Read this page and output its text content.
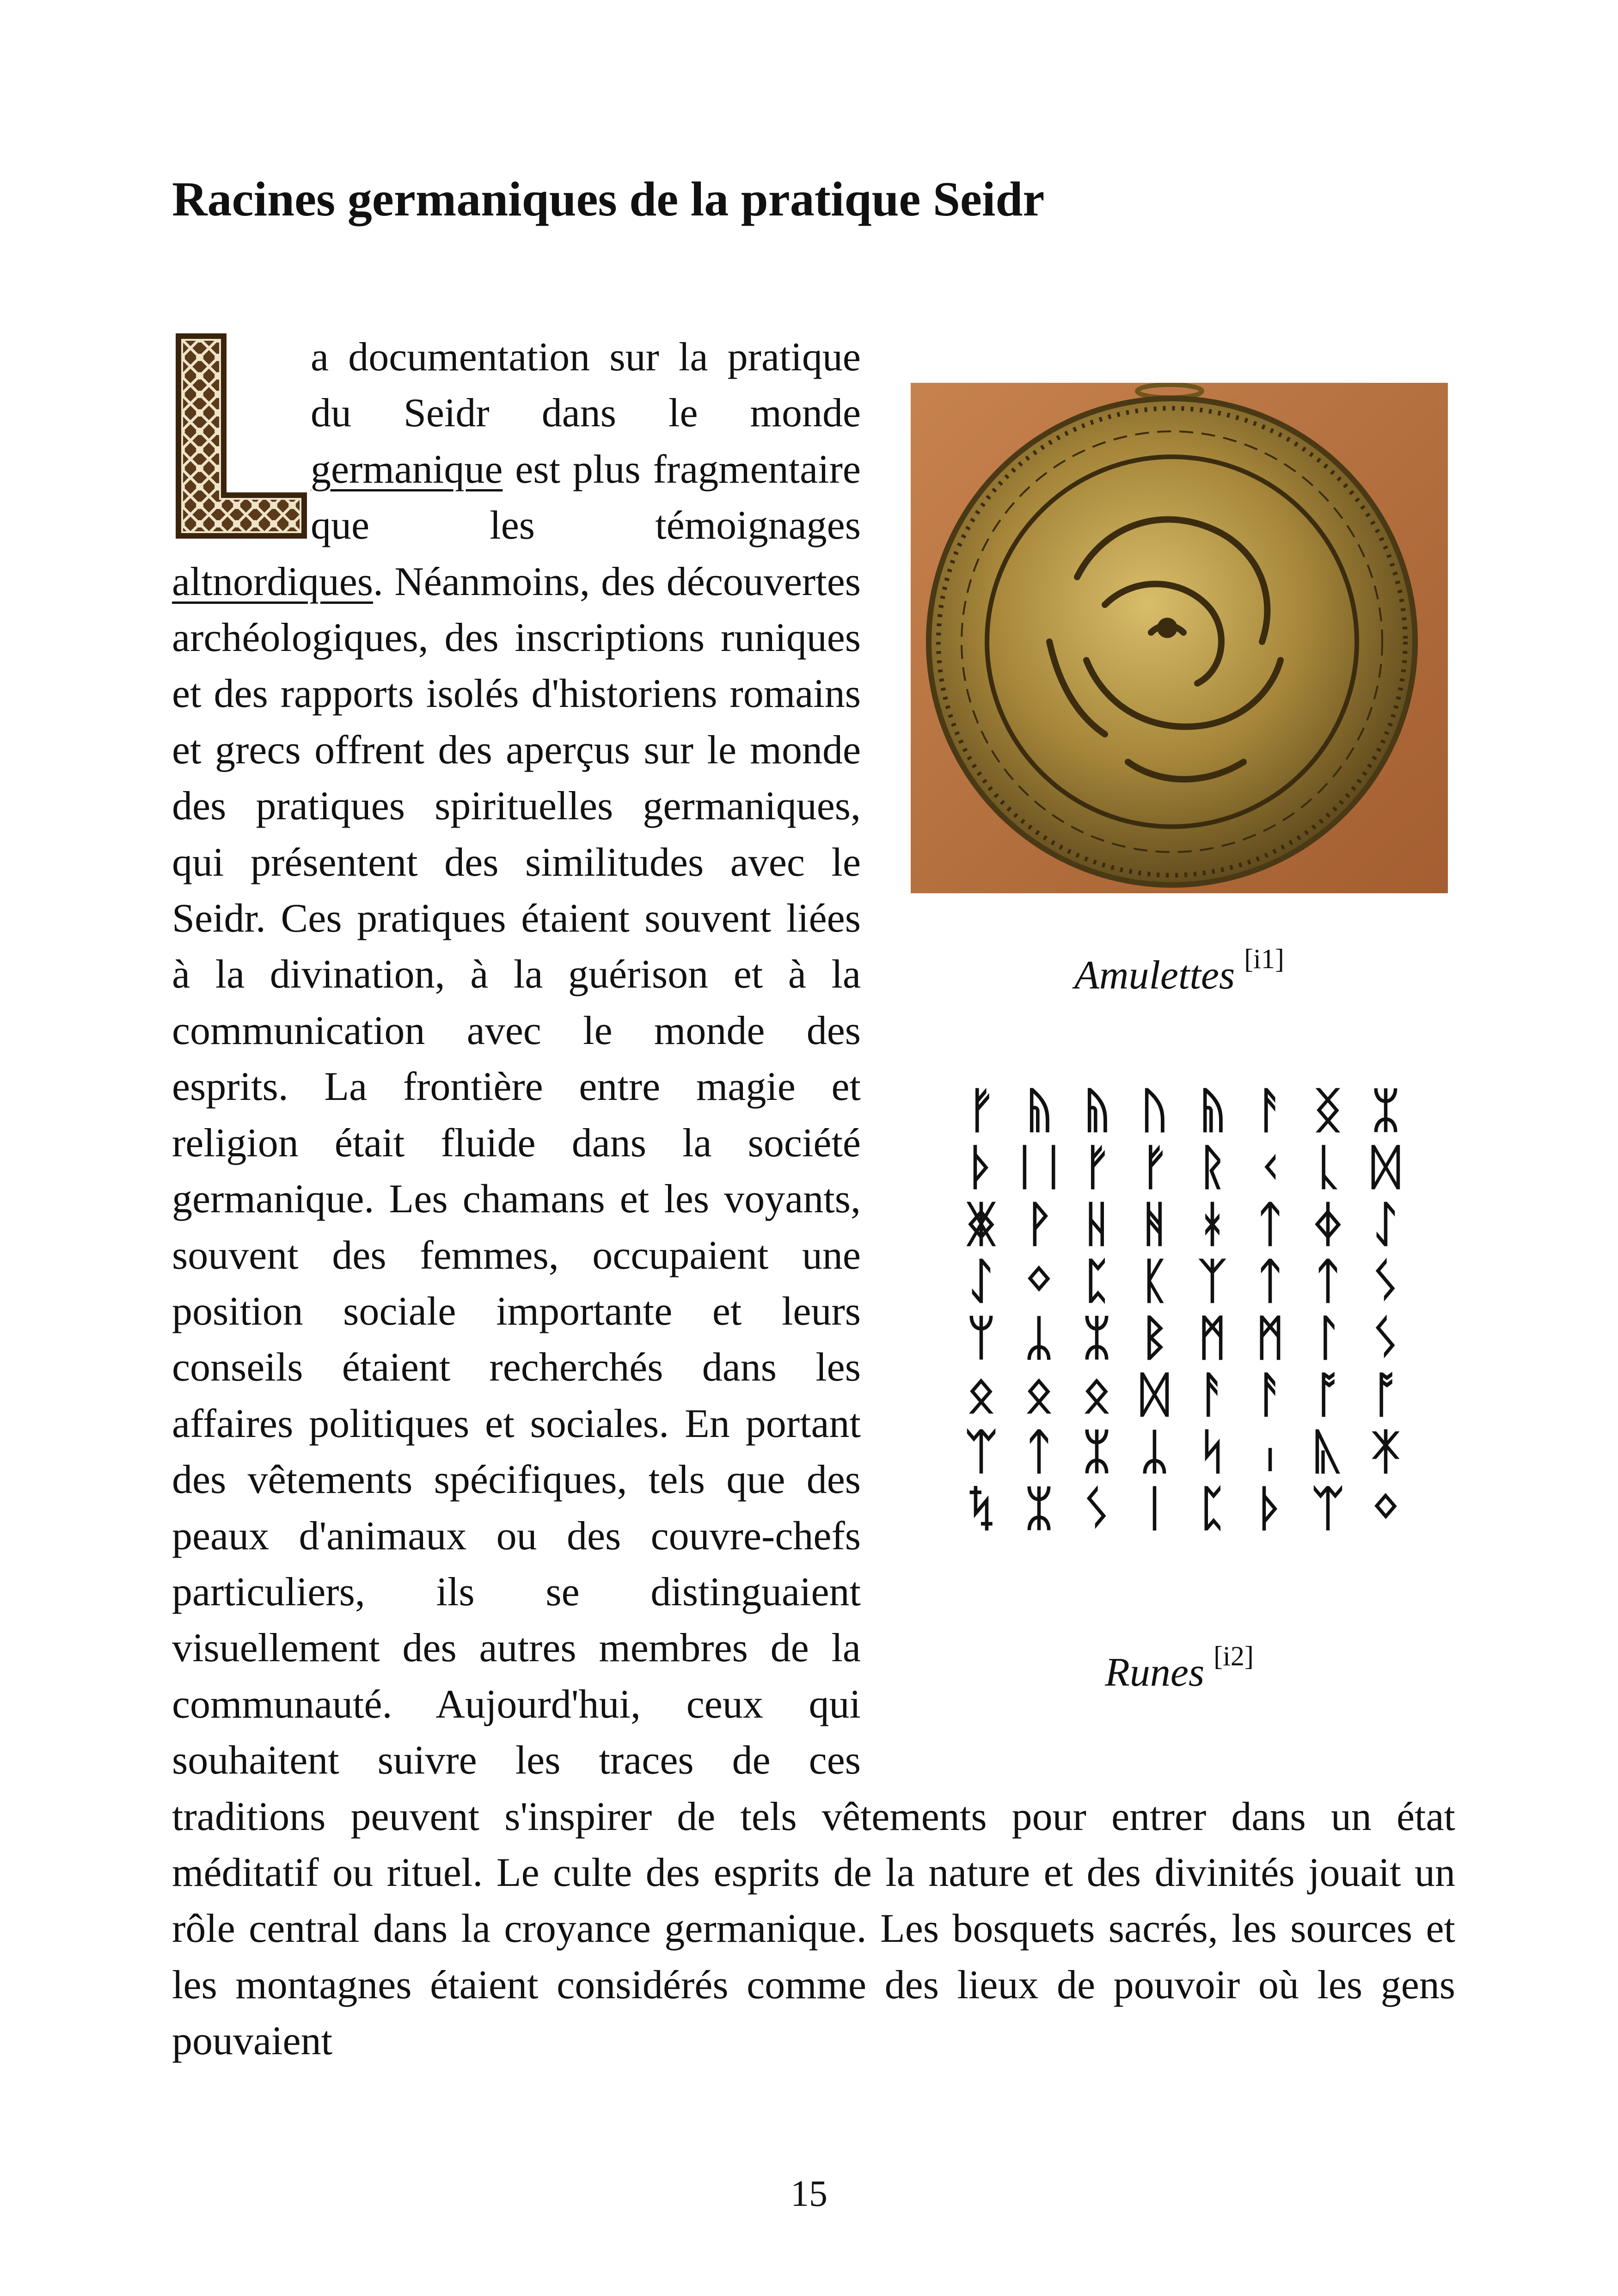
Racines germaniques de la pratique Seidr
a documentation sur la pratique du Seidr dans le monde germanique est plus fragmentaire que les témoignages altnordiques. Néanmoins, des découvertes archéologiques, des inscriptions runiques et des rapports isolés d'historiens romains et grecs offrent des aperçus sur le monde des pratiques spirituelles germaniques, qui présentent des similitudes avec le Seidr. Ces pratiques étaient souvent liées à la divination, à la guérison et à la communication avec le monde des esprits. La frontière entre magie et religion était fluide dans la société germanique. Les chamans et les voyants, souvent des femmes, occupaient une position sociale importante et leurs conseils étaient recherchés dans les affaires politiques et sociales. En portant des vêtements spécifiques, tels que des peaux d'animaux ou des couvre-chefs particuliers, ils se distinguaient visuellement des autres membres de la communauté. Aujourd'hui, ceux qui souhaitent suivre les traces de ces traditions peuvent s'inspirer de tels vêtements pour entrer dans un état méditatif ou rituel. Le culte des esprits de la nature et des divinités jouait un rôle central dans la croyance germanique. Les bosquets sacrés, les sources et les montagnes étaient considérés comme des lieux de pouvoir où les gens pouvaient
Amulettes [i1]
ᚠ ᚥ ᚥ ᚢ ᚥ ᚨ ᛝ ᛯ
ᚦ ᛁᛁ ᚠ ᚠ ᚱ ᚲ ᚳ ᛞ
ᛤ ᚹ ᚺ ᚻ ᚼ ᛏ ᛄ ᛇ
ᛇ ᛜ ᛈ ᛕ ᛉ ᛏ ᛏ ᛊ
ᛘ ᛦ ᛯ ᛒ ᛗ ᛗ ᛚ ᛊ
ᛟ ᛟ ᛟ ᛞ ᚨ ᚨ ᚩ ᚩ
ᛠ ᛏ ᛯ ᛦ ᛋ ᛧ ᚣ ᛡ
ᛪ ᛯ ᛊ ᛁ ᛈ ᚦ ᛠ ᛜ
Runes [i2]
15
